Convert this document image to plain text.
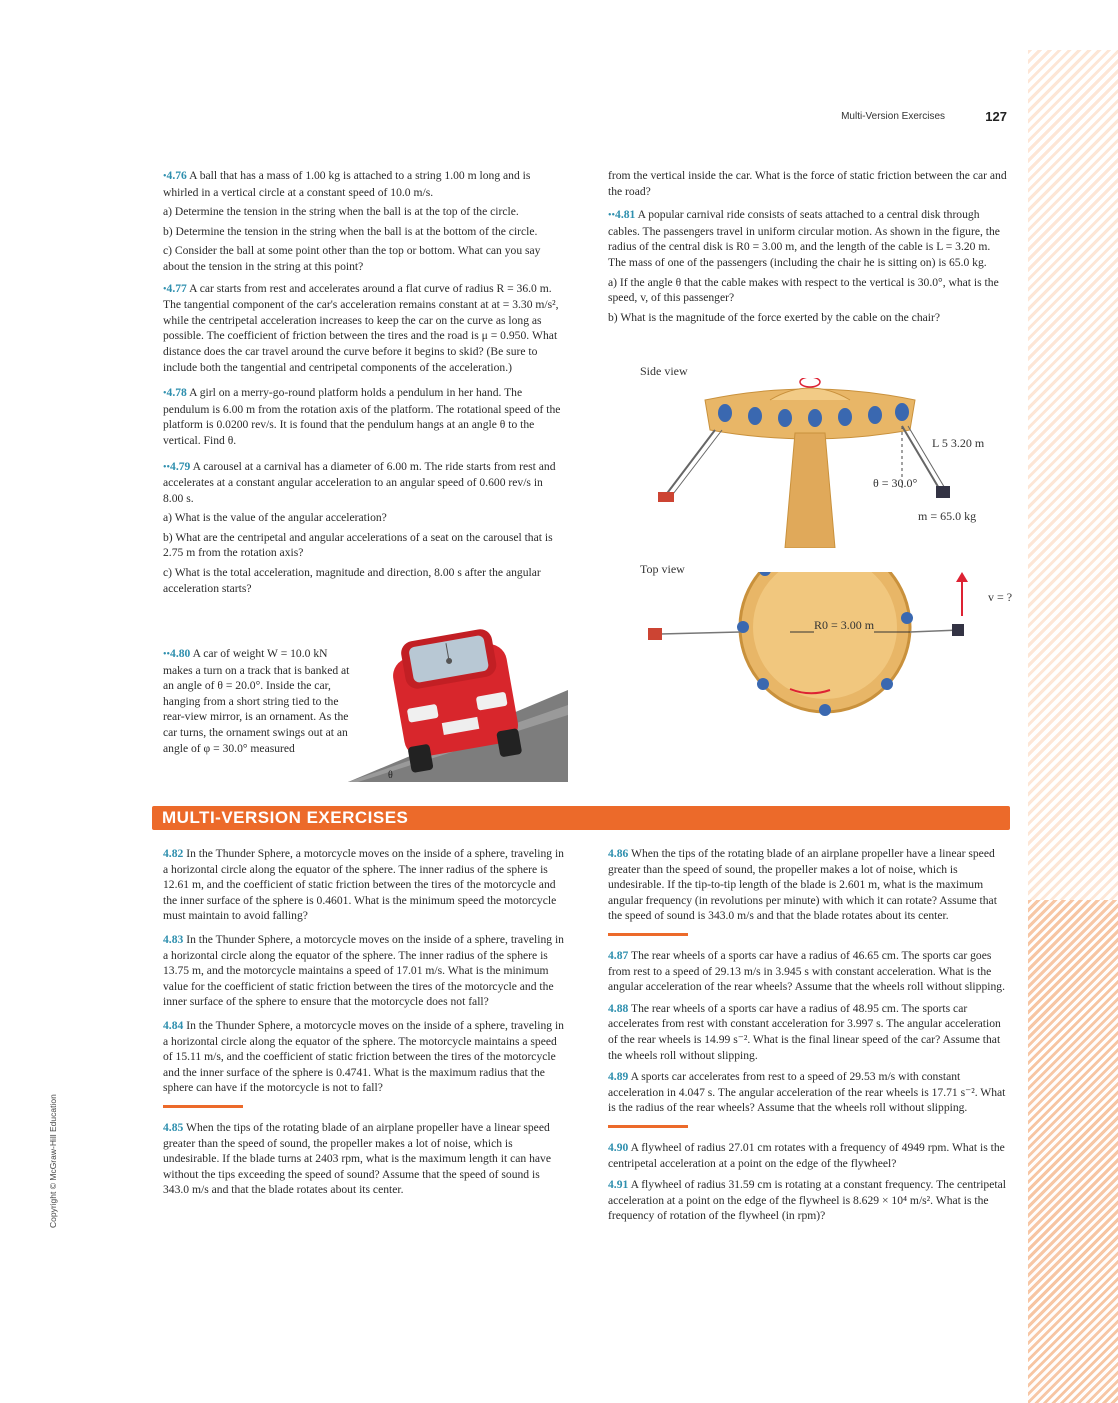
Multi-Version Exercises	127
Copyright © McGraw-Hill Education

•4.76 A ball that has a mass of 1.00 kg is attached to a string 1.00 m long and is whirled in a vertical circle at a constant speed of 10.0 m/s.

a) Determine the tension in the string when the ball is at the top of the circle.

b) Determine the tension in the string when the ball is at the bottom of the circle.

c) Consider the ball at some point other than the top or bottom. What can you say about the tension in the string at this point?

•4.77 A car starts from rest and accelerates around a flat curve of radius R = 36.0 m. The tangential component of the car's acceleration remains constant at at = 3.30 m/s², while the centripetal acceleration increases to keep the car on the curve as long as possible. The coefficient of friction between the tires and the road is μ = 0.950. What distance does the car travel around the curve before it begins to skid? (Be sure to include both the tangential and centripetal components of the acceleration.)

•4.78 A girl on a merry-go-round platform holds a pendulum in her hand. The pendulum is 6.00 m from the rotation axis of the platform. The rotational speed of the platform is 0.0200 rev/s. It is found that the pendulum hangs at an angle θ to the vertical. Find θ.

••4.79 A carousel at a carnival has a diameter of 6.00 m. The ride starts from rest and accelerates at a constant angular acceleration to an angular speed of 0.600 rev/s in 8.00 s.

a) What is the value of the angular acceleration?

b) What are the centripetal and angular accelerations of a seat on the carousel that is 2.75 m from the rotation axis?

c) What is the total acceleration, magnitude and direction, 8.00 s after the angular acceleration starts?

••4.80 A car of weight W = 10.0 kN makes a turn on a track that is banked at an angle of θ = 20.0°. Inside the car, hanging from a short string tied to the rear-view mirror, is an ornament. As the car turns, the ornament swings out at an angle of φ = 30.0° measured
θ

from the vertical inside the car. What is the force of static friction between the car and the road?

••4.81 A popular carnival ride consists of seats attached to a central disk through cables. The passengers travel in uniform circular motion. As shown in the figure, the radius of the central disk is R0 = 3.00 m, and the length of the cable is L = 3.20 m. The mass of one of the passengers (including the chair he is sitting on) is 65.0 kg.

a) If the angle θ that the cable makes with respect to the vertical is 30.0°, what is the speed, v, of this passenger?

b) What is the magnitude of the force exerted by the cable on the chair?

Side view
L 5 3.20 m
θ = 30.0°
m = 65.0 kg
Top view
v = ?
R0 = 3.00 m
MULTI-VERSION EXERCISES

4.82 In the Thunder Sphere, a motorcycle moves on the inside of a sphere, traveling in a horizontal circle along the equator of the sphere. The inner radius of the sphere is 12.61 m, and the coefficient of static friction between the tires of the motorcycle and the inner surface of the sphere is 0.4601. What is the minimum speed the motorcycle must maintain to avoid falling?

4.83 In the Thunder Sphere, a motorcycle moves on the inside of a sphere, traveling in a horizontal circle along the equator of the sphere. The inner radius of the sphere is 13.75 m, and the motorcycle maintains a speed of 17.01 m/s. What is the minimum value for the coefficient of static friction between the tires of the motorcycle and the inner surface of the sphere to ensure that the motorcycle does not fall?

4.84 In the Thunder Sphere, a motorcycle moves on the inside of a sphere, traveling in a horizontal circle along the equator of the sphere. The motorcycle maintains a speed of 15.11 m/s, and the coefficient of static friction between the tires of the motorcycle and the inner surface of the sphere is 0.4741. What is the maximum radius that the sphere can have if the motorcycle is not to fall?

4.85 When the tips of the rotating blade of an airplane propeller have a linear speed greater than the speed of sound, the propeller makes a lot of noise, which is undesirable. If the blade turns at 2403 rpm, what is the maximum length it can have without the tips exceeding the speed of sound? Assume that the speed of sound is 343.0 m/s and that the blade rotates about its center.

4.86 When the tips of the rotating blade of an airplane propeller have a linear speed greater than the speed of sound, the propeller makes a lot of noise, which is undesirable. If the tip-to-tip length of the blade is 2.601 m, what is the maximum angular frequency (in revolutions per minute) with which it can rotate? Assume that the speed of sound is 343.0 m/s and that the blade rotates about its center.

4.87 The rear wheels of a sports car have a radius of 46.65 cm. The sports car goes from rest to a speed of 29.13 m/s in 3.945 s with constant acceleration. What is the angular acceleration of the rear wheels? Assume that the wheels roll without slipping.

4.88 The rear wheels of a sports car have a radius of 48.95 cm. The sports car accelerates from rest with constant acceleration for 3.997 s. The angular acceleration of the rear wheels is 14.99 s⁻². What is the final linear speed of the car? Assume that the wheels roll without slipping.

4.89 A sports car accelerates from rest to a speed of 29.53 m/s with constant acceleration in 4.047 s. The angular acceleration of the rear wheels is 17.71 s⁻². What is the radius of the rear wheels? Assume that the wheels roll without slipping.

4.90 A flywheel of radius 27.01 cm rotates with a frequency of 4949 rpm. What is the centripetal acceleration at a point on the edge of the flywheel?

4.91 A flywheel of radius 31.59 cm is rotating at a constant frequency. The centripetal acceleration at a point on the edge of the flywheel is 8.629 × 10⁴ m/s². What is the frequency of rotation of the flywheel (in rpm)?
